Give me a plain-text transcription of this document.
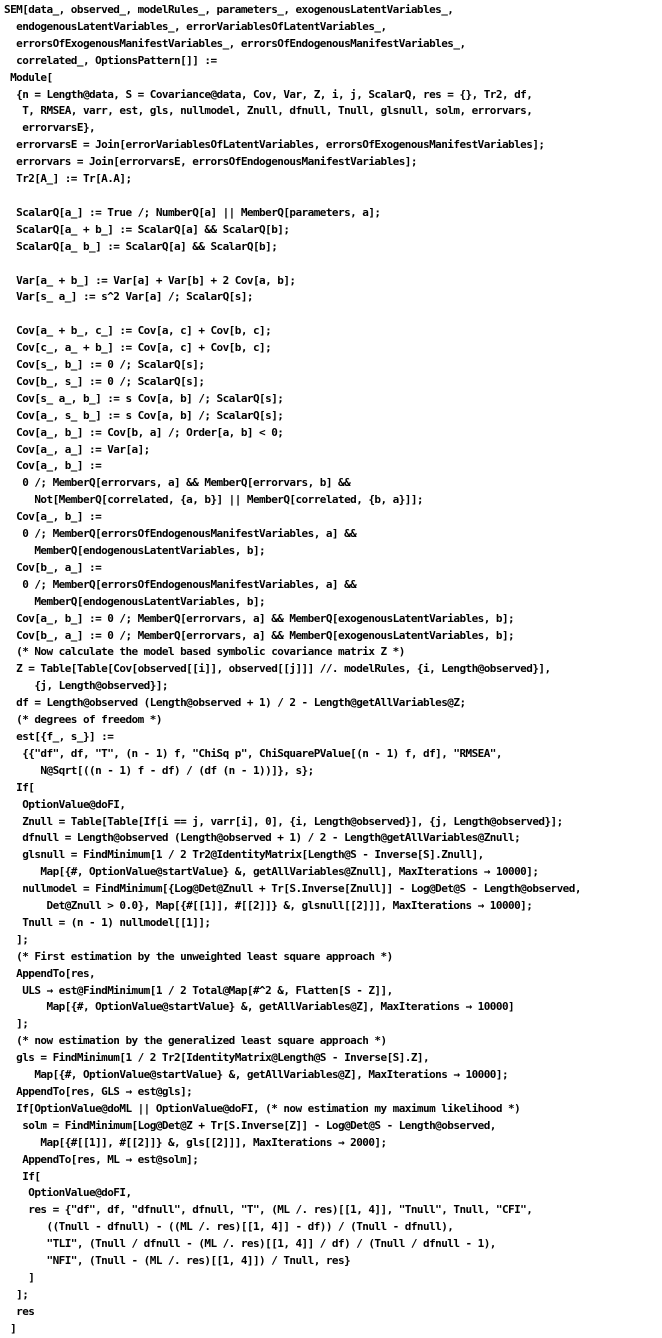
SEM[data_, observed_, modelRules_, parameters_, exogenousLatentVariables_,
endogenousLatentVariables_, errorVariablesOfLatentVariables_,
errorsOfExogenousManifestVariables_, errorsOfEndogenousManifestVariables_,
correlated_, OptionsPattern[]] :=
Module[
{n = Length@data, S = Covariance@data, Cov, Var, Z, i, j, ScalarQ, res = {}, Tr2, df,
T, RMSEA, varr, est, gls, nullmodel, Znull, dfnull, Tnull, glsnull, solm, errorvars,
errorvarsE},
errorvarsE = Join[errorVariablesOfLatentVariables, errorsOfExogenousManifestVariables];
errorvars = Join[errorvarsE, errorsOfEndogenousManifestVariables];
Tr2[A_] := Tr[A.A];
ScalarQ[a_] := True /; NumberQ[a] || MemberQ[parameters, a];
ScalarQ[a_ + b_] := ScalarQ[a] && ScalarQ[b];
ScalarQ[a_ b_] := ScalarQ[a] && ScalarQ[b];
Var[a_ + b_] := Var[a] + Var[b] + 2 Cov[a, b];
Var[s_ a_] := s^2 Var[a] /; ScalarQ[s];
Cov[a_ + b_, c_] := Cov[a, c] + Cov[b, c];
Cov[c_, a_ + b_] := Cov[a, c] + Cov[b, c];
Cov[s_, b_] := 0 /; ScalarQ[s];
Cov[b_, s_] := 0 /; ScalarQ[s];
Cov[s_ a_, b_] := s Cov[a, b] /; ScalarQ[s];
Cov[a_, s_ b_] := s Cov[a, b] /; ScalarQ[s];
Cov[a_, b_] := Cov[b, a] /; Order[a, b] < 0;
Cov[a_, a_] := Var[a];
Cov[a_, b_] :=
0 /; MemberQ[errorvars, a] && MemberQ[errorvars, b] &&
Not[MemberQ[correlated, {a, b}] || MemberQ[correlated, {b, a}]];
Cov[a_, b_] :=
0 /; MemberQ[errorsOfEndogenousManifestVariables, a] &&
MemberQ[endogenousLatentVariables, b];
Cov[b_, a_] :=
0 /; MemberQ[errorsOfEndogenousManifestVariables, a] &&
MemberQ[endogenousLatentVariables, b];
Cov[a_, b_] := 0 /; MemberQ[errorvars, a] && MemberQ[exogenousLatentVariables, b];
Cov[b_, a_] := 0 /; MemberQ[errorvars, a] && MemberQ[exogenousLatentVariables, b];
(* Now calculate the model based symbolic covariance matrix Z *)
Z = Table[Table[Cov[observed[[i]], observed[[j]]] //. modelRules, {i, Length@observed}],
{j, Length@observed}];
df = Length@observed (Length@observed + 1) / 2 - Length@getAllVariables@Z;
(* degrees of freedom *)
est[{f_, s_}] :=
{{"df", df, "T", (n - 1) f, "ChiSq p", ChiSquarePValue[(n - 1) f, df], "RMSEA",
N@Sqrt[((n - 1) f - df) / (df (n - 1))]}, s};
If[
OptionValue@doFI,
Znull = Table[Table[If[i == j, varr[i], 0], {i, Length@observed}], {j, Length@observed}];
dfnull = Length@observed (Length@observed + 1) / 2 - Length@getAllVariables@Znull;
glsnull = FindMinimum[1 / 2 Tr2@IdentityMatrix[Length@S - Inverse[S].Znull],
Map[{#, OptionValue@startValue} &, getAllVariables@Znull], MaxIterations → 10000];
nullmodel = FindMinimum[{Log@Det@Znull + Tr[S.Inverse[Znull]] - Log@Det@S - Length@observed,
Det@Znull > 0.0}, Map[{#[[1]], #[[2]]} &, glsnull[[2]]], MaxIterations → 10000];
Tnull = (n - 1) nullmodel[[1]];
];
(* First estimation by the unweighted least square approach *)
AppendTo[res,
ULS → est@FindMinimum[1 / 2 Total@Map[#^2 &, Flatten[S - Z]],
Map[{#, OptionValue@startValue} &, getAllVariables@Z], MaxIterations → 10000]
];
(* now estimation by the generalized least square approach *)
gls = FindMinimum[1 / 2 Tr2[IdentityMatrix@Length@S - Inverse[S].Z],
Map[{#, OptionValue@startValue} &, getAllVariables@Z], MaxIterations → 10000];
AppendTo[res, GLS → est@gls];
If[OptionValue@doML || OptionValue@doFI, (* now estimation my maximum likelihood *)
solm = FindMinimum[Log@Det@Z + Tr[S.Inverse[Z]] - Log@Det@S - Length@observed,
Map[{#[[1]], #[[2]]} &, gls[[2]]], MaxIterations → 2000];
AppendTo[res, ML → est@solm];
If[
OptionValue@doFI,
res = {"df", df, "dfnull", dfnull, "T", (ML /. res)[[1, 4]], "Tnull", Tnull, "CFI",
((Tnull - dfnull) - ((ML /. res)[[1, 4]] - df)) / (Tnull - dfnull),
"TLI", (Tnull / dfnull - (ML /. res)[[1, 4]] / df) / (Tnull / dfnull - 1),
"NFI", (Tnull - (ML /. res)[[1, 4]]) / Tnull, res}
]
];
res
]
